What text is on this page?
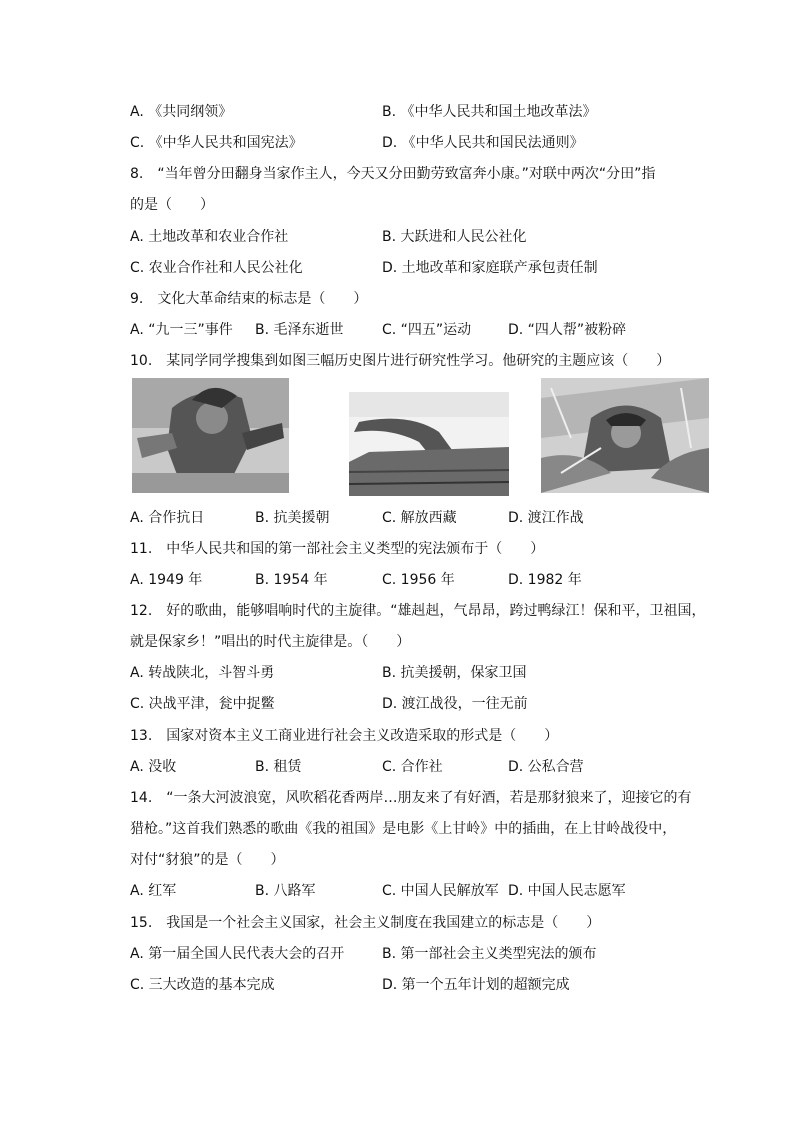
A. 《共同纲领》	B. 《中华人民共和国土地改革法》
C. 《中华人民共和国宪法》	D. 《中华人民共和国民法通则》
8.　“当年曾分田翻身当家作主人，今天又分田勤劳致富奔小康。”对联中两次“分田”指
的是（　　）
A. 土地改革和农业合作社	B. 大跃进和人民公社化
C. 农业合作社和人民公社化	D. 土地改革和家庭联产承包责任制
9.　文化大革命结束的标志是（　　）
A. “九一三”事件 B. 毛泽东逝世	C. “四五”运动	D. “四人帮”被粉碎
10.　某同学同学搜集到如图三幅历史图片进行研究性学习。他研究的主题应该（　　）
A. 合作抗日	B. 抗美援朝	C. 解放西藏	D. 渡江作战
11.　中华人民共和国的第一部社会主义类型的宪法颁布于（　　）
A. 1949 年	B. 1954 年	C. 1956 年	D. 1982 年
12.　好的歌曲，能够唱响时代的主旋律。“雄赳赳，气昂昂，跨过鸭绿江！保和平，卫祖国，
就是保家乡！”唱出的时代主旋律是。（　　）
A. 转战陕北，斗智斗勇	B. 抗美援朝，保家卫国
C. 决战平津，瓮中捉鳖	D. 渡江战役，一往无前
13.　国家对资本主义工商业进行社会主义改造采取的形式是（　　）
A. 没收	B. 租赁	C. 合作社	D. 公私合营
14.　“一条大河波浪宽，风吹稻花香两岸…朋友来了有好酒，若是那豺狼来了，迎接它的有
猎枪。”这首我们熟悉的歌曲《我的祖国》是电影《上甘岭》中的插曲，在上甘岭战役中，
对付“豺狼”的是（　　）
A. 红军	B. 八路军	C. 中国人民解放军 D. 中国人民志愿军
15.　我国是一个社会主义国家，社会主义制度在我国建立的标志是（　　）
A. 第一届全国人民代表大会的召开	B. 第一部社会主义类型宪法的颁布
C. 三大改造的基本完成	D. 第一个五年计划的超额完成
